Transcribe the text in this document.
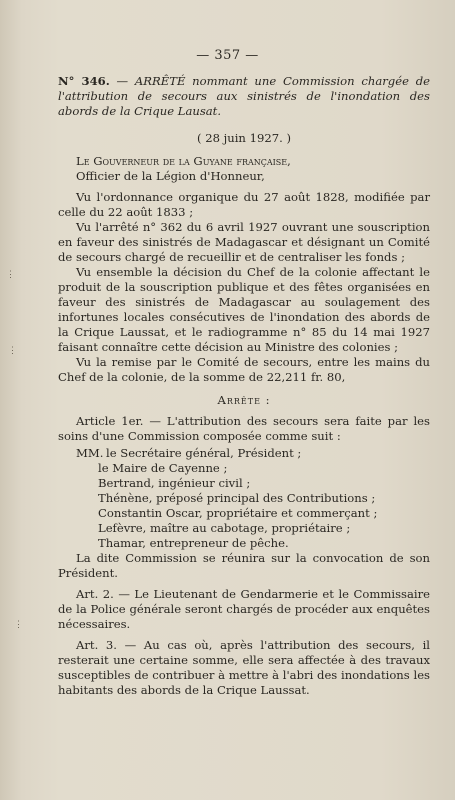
— 357 —

N° 346. — ARRÊTÉ nommant une Commission chargée de l'attribution de secours aux sinistrés de l'inondation des abords de la Crique Lausat.

( 28 juin 1927. )

Le Gouverneur de la Guyane française,

Officier de la Légion d'Honneur,

Vu l'ordonnance organique du 27 août 1828, modifiée par celle du 22 août 1833 ;

Vu l'arrêté n° 362 du 6 avril 1927 ouvrant une souscription en faveur des sinistrés de Madagascar et désignant un Comité de secours chargé de recueillir et de centraliser les fonds ;

Vu ensemble la décision du Chef de la colonie affectant le produit de la souscription publique et des fêtes organisées en faveur des sinistrés de Madagascar au soulagement des infortunes locales consécutives de l'inondation des abords de la Crique Laussat, et le radiogramme n° 85 du 14 mai 1927 faisant connaître cette décision au Ministre des colonies ;

Vu la remise par le Comité de secours, entre les mains du Chef de la colonie, de la somme de 22,211 fr. 80,

Arrête :

Article 1er. — L'attribution des secours sera faite par les soins d'une Commission composée comme suit :

MM. le Secrétaire général, Président ;

le Maire de Cayenne ;

Bertrand, ingénieur civil ;

Thénène, préposé principal des Contributions ;

Constantin Oscar, propriétaire et commerçant ;

Lefèvre, maître au cabotage, propriétaire ;

Thamar, entrepreneur de pêche.

La dite Commission se réunira sur la convocation de son Président.

Art. 2. — Le Lieutenant de Gendarmerie et le Commissaire de la Police générale seront chargés de procéder aux enquêtes nécessaires.

Art. 3. — Au cas où, après l'attribution des secours, il resterait une certaine somme, elle sera affectée à des travaux susceptibles de contribuer à mettre à l'abri des inondations les habitants des abords de la Crique Laussat.

⋮
⋮
⋮
